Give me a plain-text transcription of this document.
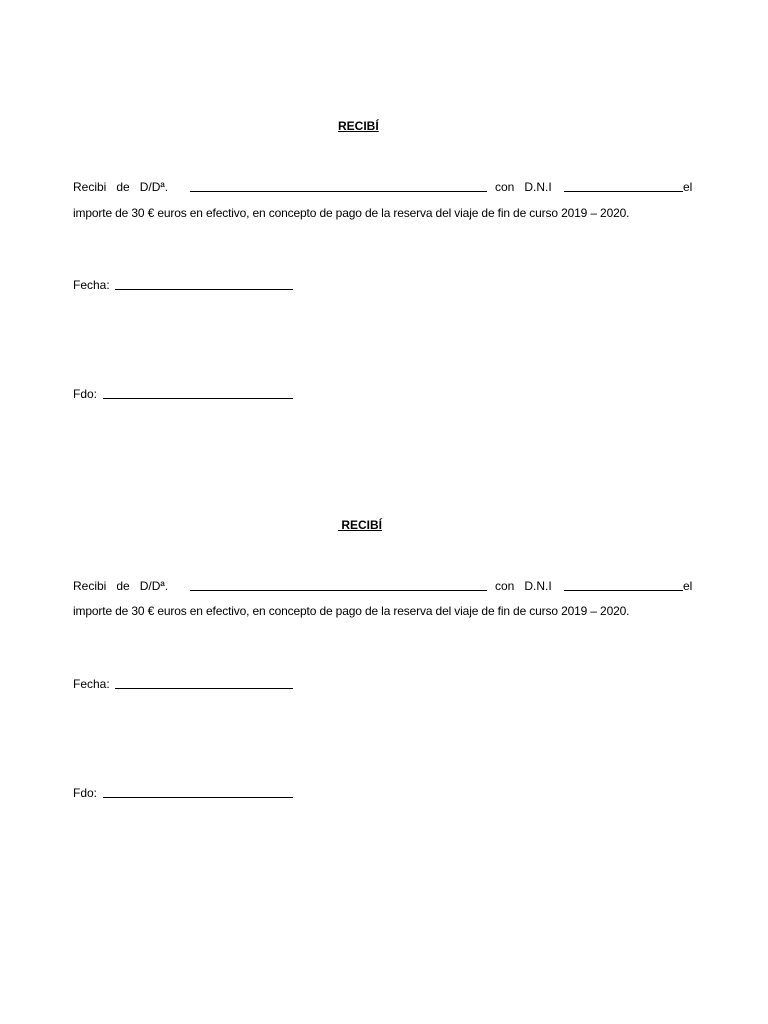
RECIBÍ
Recibi   de   D/Dª.	con   D.N.I	el
importe de 30 € euros en efectivo, en concepto de pago de la reserva del viaje de fin de curso 2019 – 2020.
Fecha:
Fdo:
RECIBÍ
Recibi   de   D/Dª.	con   D.N.I	el
importe de 30 € euros en efectivo, en concepto de pago de la reserva del viaje de fin de curso 2019 – 2020.
Fecha:
Fdo:
